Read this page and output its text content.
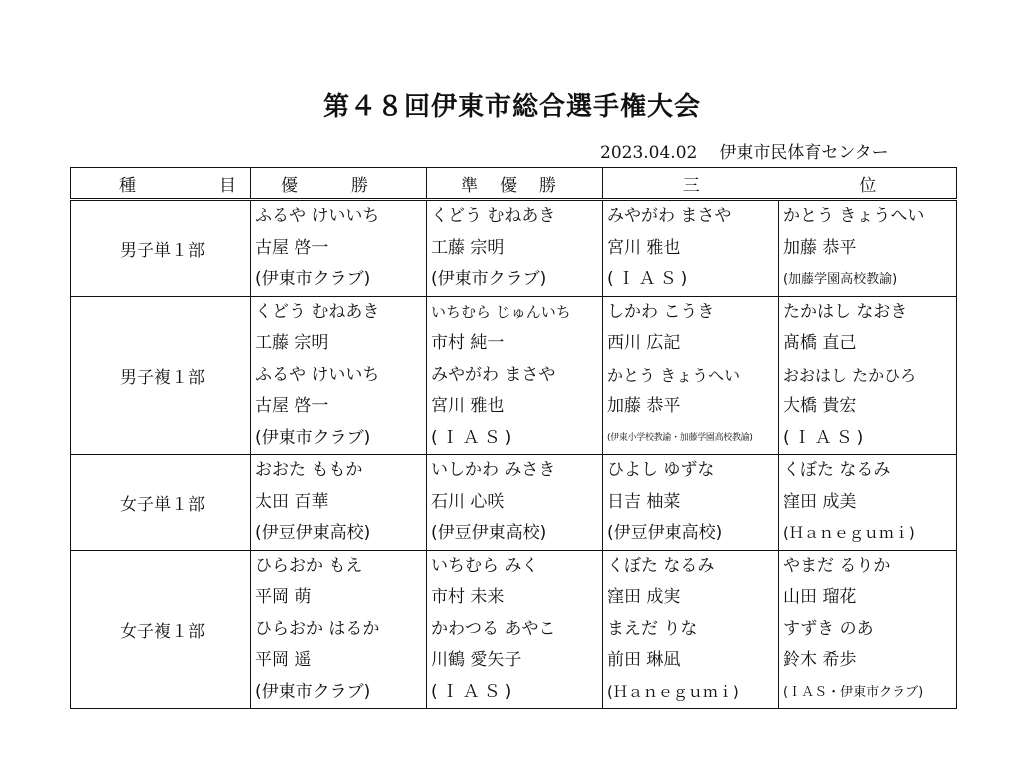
第４８回伊東市総合選手権大会
2023.04.02 伊東市民体育センター
種 目	優 勝	準 優 勝	三 位	

男子単１部	ふるや けいいち	くどう むねあき	みやがわ まさや	かとう きょうへい
	古屋 啓一	工藤 宗明	宮川 雅也	加藤 恭平
	(伊東市クラブ)	(伊東市クラブ)	(ＩＡＳ)	(加藤学園高校教諭)
男子複１部	くどう むねあき	いちむら じゅんいち	しかわ こうき	たかはし なおき
	工藤 宗明	市村 純一	西川 広記	髙橋 直己
	ふるや けいいち	みやがわ まさや	かとう きょうへい	おおはし たかひろ
	古屋 啓一	宮川 雅也	加藤 恭平	大橋 貴宏
	(伊東市クラブ)	(ＩＡＳ)	(伊東小学校教諭・加藤学園高校教諭)	(ＩＡＳ)
女子単１部	おおた ももか	いしかわ みさき	ひよし ゆずな	くぼた なるみ
	太田 百華	石川 心咲	日吉 柚菜	窪田 成美
	(伊豆伊東高校)	(伊豆伊東高校)	(伊豆伊東高校)	(Ｈａｎｅｇｕｍｉ)
女子複１部	ひらおか もえ	いちむら みく	くぼた なるみ	やまだ るりか
	平岡 萌	市村 未来	窪田 成実	山田 瑠花
	ひらおか はるか	かわつる あやこ	まえだ りな	すずき のあ
	平岡 遥	川鶴 愛矢子	前田 琳凪	鈴木 希歩
	(伊東市クラブ)	(ＩＡＳ)	(Ｈａｎｅｇｕｍｉ)	(ＩＡＳ・伊東市クラブ)
